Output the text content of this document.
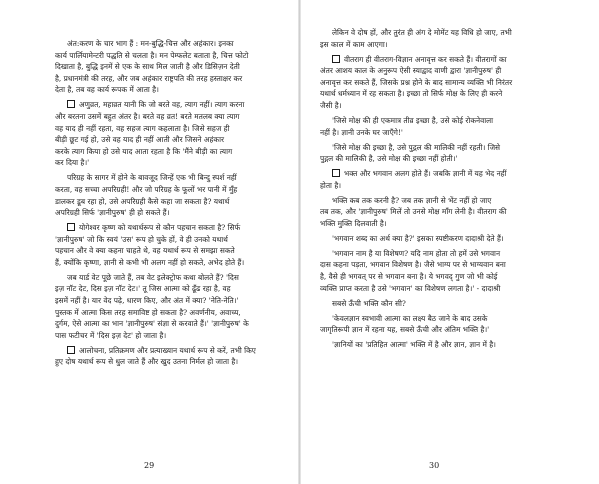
अंत:करण के चार भाग हैं : मन-बुद्धि-चित्त और अहंकार। इनका
कार्य पार्लियामेन्टरी पद्धति से चलता है। मन पेम्फलेट बताता है, चित्त फोटो
दिखाता है, बुद्धि इनमें से एक के साथ मिल जाती है और डिसिज़न देती
है, प्रधानमंत्री की तरह, और जब अहंकार राष्ट्रपति की तरह हस्ताक्षर कर
देता है, तब वह कार्य रूपक में आता है।
अणुव्रत, महाव्रत यानी कि जो बरते वह, त्याग नहीं। त्याग करना
और बरतना उसमें बहुत अंतर है। बरते वह व्रत! बरते मतलब क्या त्याग
वह याद ही नहीं रहता, वह सहज त्याग कहलाता है। जिसे सहज ही
बीड़ी छूट गई हो, उसे वह याद ही नहीं आती और जिसने अहंकार
करके त्याग किया हो उसे याद आता रहता है कि 'मैंने बीड़ी का त्याग
कर दिया है।'
परिग्रह के सागर में होने के बावजूद जिन्हें एक भी बिन्दु स्पर्श नहीं
करता, वह सच्चा अपरिग्रही! और जो परिग्रह के फूलों भर पानी में मुँह
डालकर डूब रहा हो, उसे अपरिग्रही कैसे कहा जा सकता है? यथार्थ
अपरिग्रही सिर्फ 'ज्ञानीपुरुष' ही हो सकते हैं।
योगेश्वर कृष्ण को यथार्थरूप से कौन पहचान सकता है? सिर्फ
'ज्ञानीपुरुष' जो कि स्वयं 'उस' रूप हो चुके हों, वे ही उनको यथार्थ
पहचान और वे क्या कहना चाहते थे, वह यथार्थ रूप से समझा सकते
हैं, क्योंकि कृष्णा, ज्ञानी से कभी भी अलग नहीं हो सकते, अभेद होते हैं।
जब यार्ड वेट पूछे जाते हैं, तब वेट इलेक्ट्रोफ कथा बोलते हैं? 'दिस
इज़ नॉट देट, दिस इज़ नॉट देट।' तू जिस आत्मा को ढूँढ रहा है, वह
इसमें नहीं है। यार वेद पढ़े, धारण किए, और अंत में क्या? 'नेति-नेति।'
पुस्तक में आत्मा किस तरह समाविष्ट हो सकता है? अवर्णनीय, अवाच्य,
दुर्गम, ऐसे आत्मा का भान 'ज्ञानीपुरुष' संज्ञा से करवाते हैं।' 'ज्ञानीपुरुष' के
पास फटीचर में 'दिस इज़ देट' हो जाता है।
आलोचना, प्रतिक्रमण और प्रत्याख्यान यथार्थ रूप से करें, तभी किए
हुए दोष यथार्थ रूप से धुल जाते हैं और खुद उतना निर्मल हो जाता है।
29
लेकिन वे दोष हों, और तुरंत ही अंग दे मोमेंट यह विधि हो जाए, तभी
इस काल में काम आएगा।
वीतराग ही वीतराग-विज्ञान अनावृत्त कर सकते हैं। वीतरागों का
अंतर आशय काल के अनुरूप ऐसी स्याद्वाद वाणी द्वारा 'ज्ञानीपुरुष' ही
अनावृत्त कर सकते हैं, जिसके प्रश्न होने के बाद सामान्य व्यक्ति भी निरंतर
यथार्थ धर्मध्यान में रह सकता है। इच्छा तो सिर्फ मोक्ष के लिए ही करने
जैसी है।
'जिसे मोक्ष की ही एकमात्र तीव्र इच्छा है, उसे कोई रोकनेवाला
नहीं है। ज्ञानी उनके घर जाएँगे!'
'जिसे मोक्ष की इच्छा है, उसे पुद्गल की मालिकी नहीं रहती। जिसे
पुद्गल की मालिकी है, उसे मोक्ष की इच्छा नहीं होती।'
भक्त और भगवान अलग होते हैं। जबकि ज्ञानी में यह भेद नहीं
होता है।
भक्ति कब तक करनी है? जब तक ज्ञानी से भेंट नहीं हो जाए
तब तक, और 'ज्ञानीपुरुष' मिलें तो उनसे मोक्ष माँग लेनी है। वीतराग की
भक्ति मुक्ति दिलवाती है।
'भगवान शब्द का अर्थ क्या है?' इसका स्पष्टीकरण दादाश्री देते हैं।
'भगवान नाम है या विशेषण? यदि नाम होता तो हमें उसे भगवान
दास कहना पड़ता, भगवान विशेषण है। जैसे भाग्य पर से भाग्यवान बना
है, वैसे ही भगवत् पर से भगवान बना है। ये भगवद् गुण जो भी कोई
व्यक्ति प्राप्त करता है उसे 'भगवान' का विशेषण लगता है।' - दादाश्री
सबसे ऊँची भक्ति कौन सी?
'केवलज्ञान स्वभावी आत्मा का लक्ष्य बैठ जाने के बाद उसके
जागृतिरूपी ज्ञान में रहना यह, सबसे ऊँची और अंतिम भक्ति है।'
'ज्ञानियों का 'प्रतिहित आत्मा' भक्ति में है और ज्ञान, ज्ञान में है।
30
